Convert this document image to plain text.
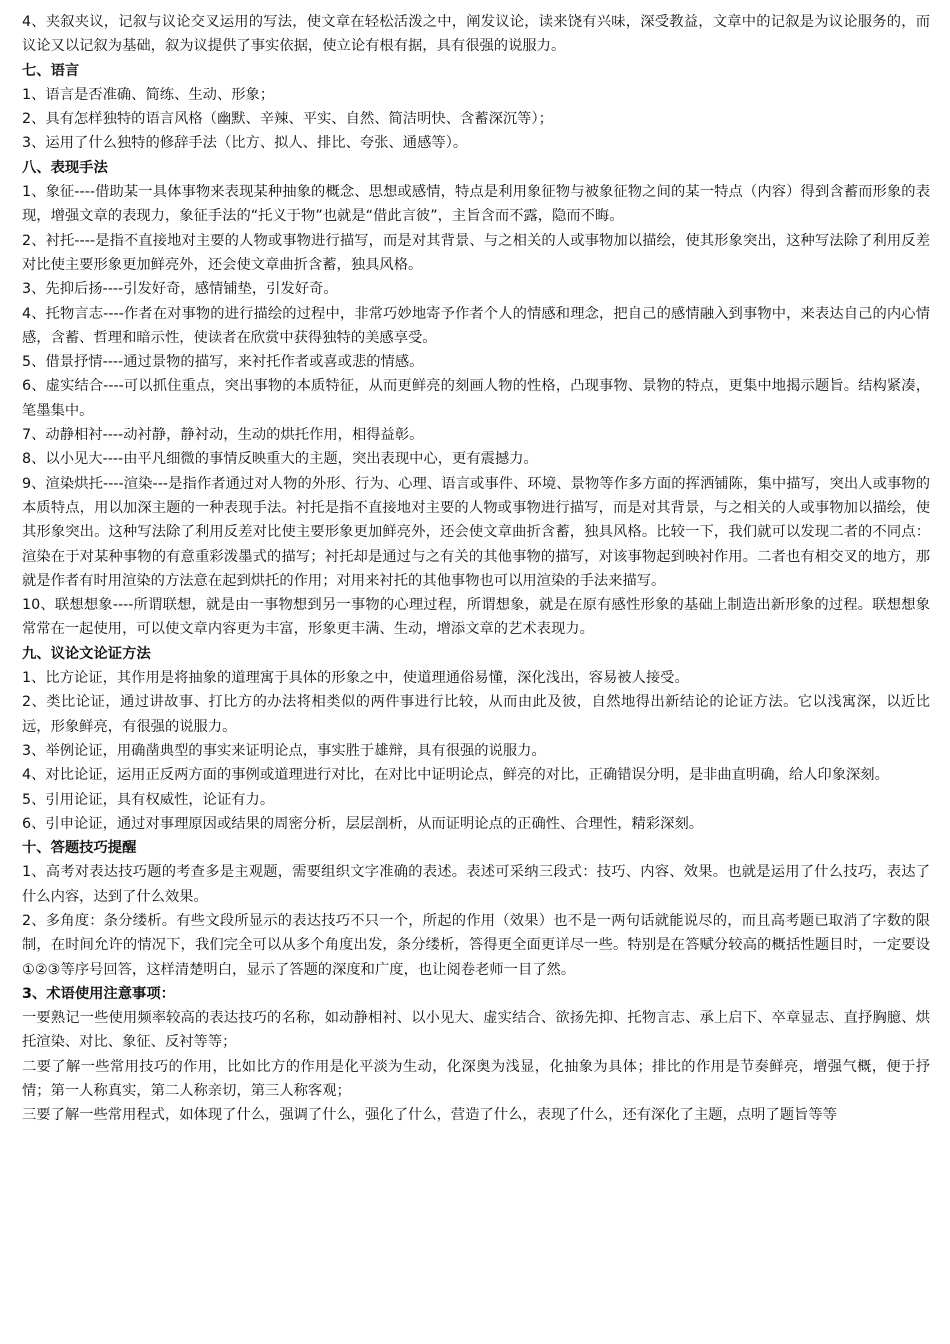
4、夹叙夹议，记叙与议论交叉运用的写法，使文章在轻松活泼之中，阐发议论，读来饶有兴味，深受教益，文章中的记叙是为议论服务的，而议论又以记叙为基础，叙为议提供了事实依据，使立论有根有据，具有很强的说服力。

七、语言

1、语言是否准确、简练、生动、形象；

2、具有怎样独特的语言风格（幽默、辛辣、平实、自然、简洁明快、含蓄深沉等）；

3、运用了什么独特的修辞手法（比方、拟人、排比、夸张、通感等）。

八、表现手法

1、象征----借助某一具体事物来表现某种抽象的概念、思想或感情，特点是利用象征物与被象征物之间的某一特点（内容）得到含蓄而形象的表现，增强文章的表现力，象征手法的“托义于物”也就是“借此言彼”，主旨含而不露，隐而不晦。

2、衬托----是指不直接地对主要的人物或事物进行描写，而是对其背景、与之相关的人或事物加以描绘，使其形象突出，这种写法除了利用反差对比使主要形象更加鲜亮外，还会使文章曲折含蓄，独具风格。

3、先抑后扬----引发好奇，感情铺垫，引发好奇。

4、托物言志----作者在对事物的进行描绘的过程中，非常巧妙地寄予作者个人的情感和理念，把自己的感情融入到事物中，来表达自己的内心情感，含蓄、哲理和暗示性，使读者在欣赏中获得独特的美感享受。

5、借景抒情----通过景物的描写，来衬托作者或喜或悲的情感。

6、虚实结合----可以抓住重点，突出事物的本质特征，从而更鲜亮的刻画人物的性格，凸现事物、景物的特点，更集中地揭示题旨。结构紧凑，笔墨集中。

7、动静相衬----动衬静，静衬动，生动的烘托作用，相得益彰。

8、以小见大----由平凡细微的事情反映重大的主题，突出表现中心，更有震撼力。

9、渲染烘托----渲染---是指作者通过对人物的外形、行为、心理、语言或事件、环境、景物等作多方面的挥洒铺陈，集中描写，突出人或事物的本质特点，用以加深主题的一种表现手法。衬托是指不直接地对主要的人物或事物进行描写，而是对其背景，与之相关的人或事物加以描绘，使其形象突出。这种写法除了利用反差对比使主要形象更加鲜亮外，还会使文章曲折含蓄，独具风格。比较一下，我们就可以发现二者的不同点：渲染在于对某种事物的有意重彩泼墨式的描写；衬托却是通过与之有关的其他事物的描写，对该事物起到映衬作用。二者也有相交叉的地方，那就是作者有时用渲染的方法意在起到烘托的作用；对用来衬托的其他事物也可以用渲染的手法来描写。

10、联想想象----所谓联想，就是由一事物想到另一事物的心理过程，所谓想象，就是在原有感性形象的基础上制造出新形象的过程。联想想象常常在一起使用，可以使文章内容更为丰富，形象更丰满、生动，增添文章的艺术表现力。

九、议论文论证方法

1、比方论证，其作用是将抽象的道理寓于具体的形象之中，使道理通俗易懂，深化浅出，容易被人接受。

2、类比论证，通过讲故事、打比方的办法将相类似的两件事进行比较，从而由此及彼，自然地得出新结论的论证方法。它以浅寓深，以近比远，形象鲜亮，有很强的说服力。

3、举例论证，用确凿典型的事实来证明论点，事实胜于雄辩，具有很强的说服力。

4、对比论证，运用正反两方面的事例或道理进行对比，在对比中证明论点，鲜亮的对比，正确错误分明，是非曲直明确，给人印象深刻。

5、引用论证，具有权威性，论证有力。

6、引申论证，通过对事理原因或结果的周密分析，层层剖析，从而证明论点的正确性、合理性，精彩深刻。

十、答题技巧提醒

1、高考对表达技巧题的考查多是主观题，需要组织文字准确的表述。表述可采纳三段式：技巧、内容、效果。也就是运用了什么技巧，表达了什么内容，达到了什么效果。

2、多角度：条分缕析。有些文段所显示的表达技巧不只一个，所起的作用（效果）也不是一两句话就能说尽的，而且高考题已取消了字数的限制，在时间允许的情况下，我们完全可以从多个角度出发，条分缕析，答得更全面更详尽一些。特别是在答赋分较高的概括性题目时，一定要设①②③等序号回答，这样清楚明白，显示了答题的深度和广度，也让阅卷老师一目了然。

3、术语使用注意事项：

一要熟记一些使用频率较高的表达技巧的名称，如动静相衬、以小见大、虚实结合、欲扬先抑、托物言志、承上启下、卒章显志、直抒胸臆、烘托渲染、对比、象征、反衬等等；

二要了解一些常用技巧的作用，比如比方的作用是化平淡为生动，化深奥为浅显，化抽象为具体；排比的作用是节奏鲜亮，增强气概，便于抒情；第一人称真实，第二人称亲切，第三人称客观；

三要了解一些常用程式，如体现了什么，强调了什么，强化了什么，营造了什么，表现了什么，还有深化了主题，点明了题旨等等
